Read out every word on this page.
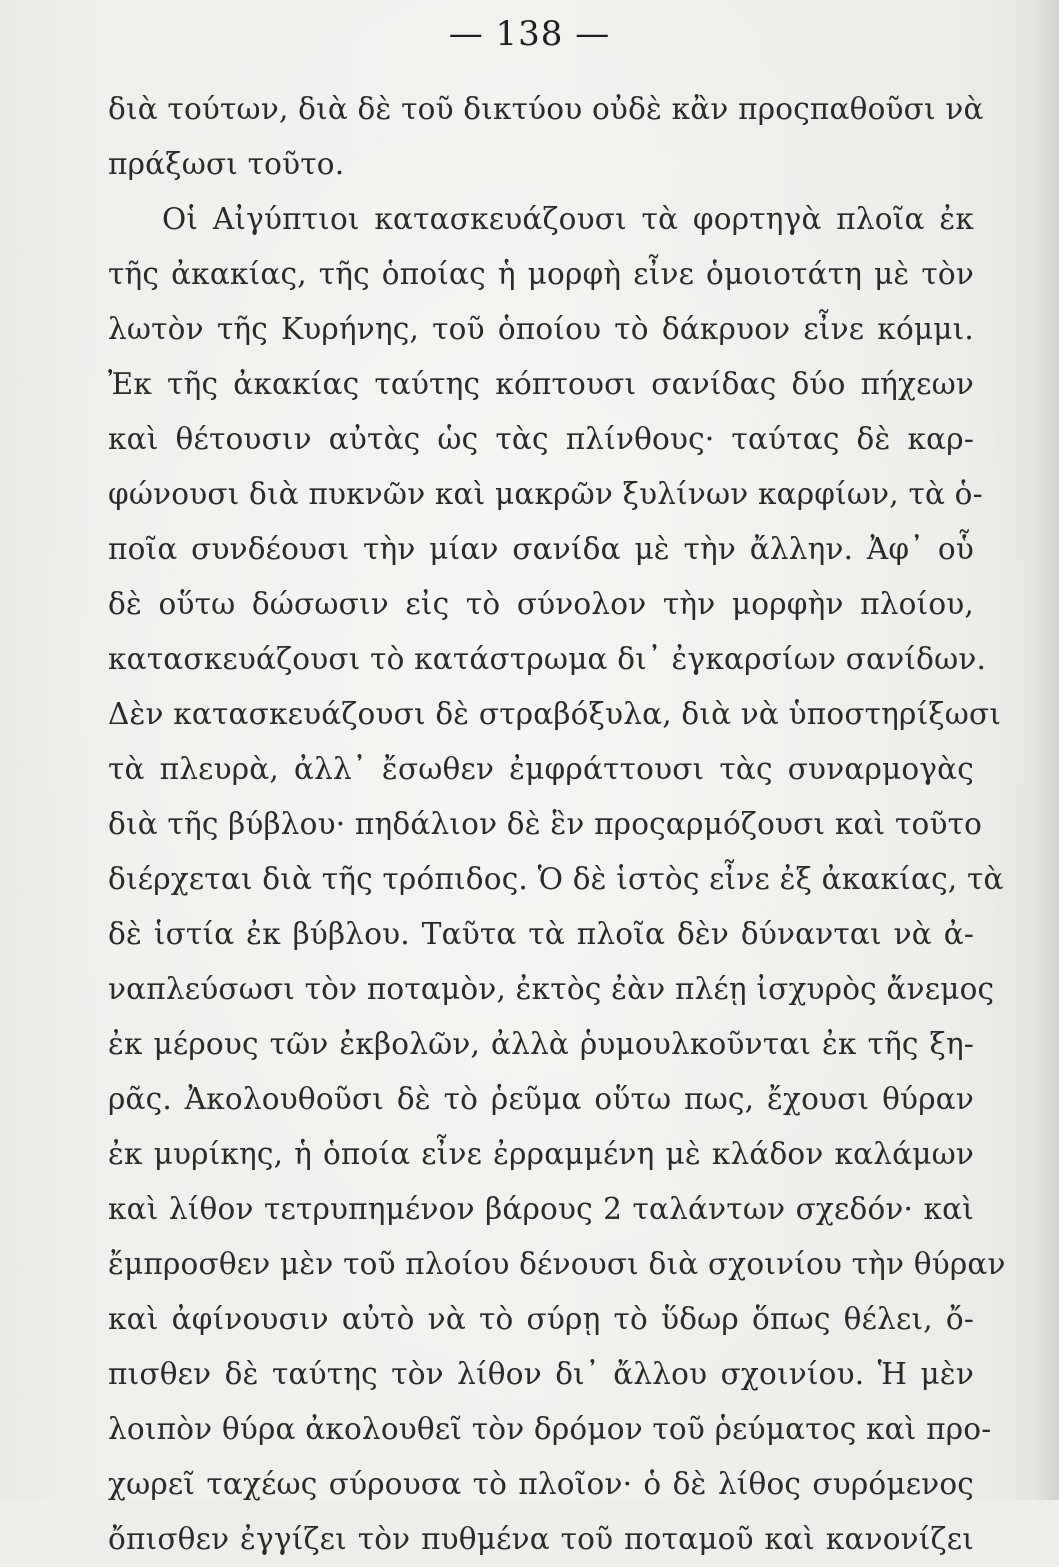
— 138 —
διὰ τούτων, διὰ δὲ τοῦ δικτύου οὐδὲ κἂν προςπαθοῦσι νὰ
πράξωσι τοῦτο.
Οἱ Αἰγύπτιοι κατασκευάζουσι τὰ φορτηγὰ πλοῖα ἐκ
τῆς ἀκακίας, τῆς ὁποίας ἡ μορφὴ εἶνε ὁμοιοτάτη μὲ τὸν
λωτὸν τῆς Κυρήνης, τοῦ ὁποίου τὸ δάκρυον εἶνε κόμμι.
Ἐκ τῆς ἀκακίας ταύτης κόπτουσι σανίδας δύο πήχεων
καὶ θέτουσιν αὐτὰς ὡς τὰς πλίνθους· ταύτας δὲ καρ-
φώνουσι διὰ πυκνῶν καὶ μακρῶν ξυλίνων καρφίων, τὰ ὁ-
ποῖα συνδέουσι τὴν μίαν σανίδα μὲ τὴν ἄλλην. Ἀφ᾽ οὗ
δὲ οὕτω δώσωσιν εἰς τὸ σύνολον τὴν μορφὴν πλοίου,
κατασκευάζουσι τὸ κατάστρωμα δι᾽ ἐγκαρσίων σανίδων.
Δὲν κατασκευάζουσι δὲ στραβόξυλα, διὰ νὰ ὑποστηρίξωσι
τὰ πλευρὰ, ἀλλ᾽ ἔσωθεν ἐμφράττουσι τὰς συναρμογὰς
διὰ τῆς βύβλου· πηδάλιον δὲ ἓν προςαρμόζουσι καὶ τοῦτο
διέρχεται διὰ τῆς τρόπιδος. Ὁ δὲ ἱστὸς εἶνε ἐξ ἀκακίας, τὰ
δὲ ἱστία ἐκ βύβλου. Ταῦτα τὰ πλοῖα δὲν δύνανται νὰ ἀ-
ναπλεύσωσι τὸν ποταμὸν, ἐκτὸς ἐὰν πλέῃ ἰσχυρὸς ἄνεμος
ἐκ μέρους τῶν ἐκβολῶν, ἀλλὰ ῥυμουλκοῦνται ἐκ τῆς ξη-
ρᾶς. Ἀκολουθοῦσι δὲ τὸ ῥεῦμα οὕτω πως, ἔχουσι θύραν
ἐκ μυρίκης, ἡ ὁποία εἶνε ἐρραμμένη μὲ κλάδον καλάμων
καὶ λίθον τετρυπημένον βάρους 2 ταλάντων σχεδόν· καὶ
ἔμπροσθεν μὲν τοῦ πλοίου δένουσι διὰ σχοινίου τὴν θύραν
καὶ ἀφίνουσιν αὐτὸ νὰ τὸ σύρῃ τὸ ὕδωρ ὅπως θέλει, ὄ-
πισθεν δὲ ταύτης τὸν λίθον δι᾽ ἄλλου σχοινίου. Ἡ μὲν
λοιπὸν θύρα ἀκολουθεῖ τὸν δρόμον τοῦ ῥεύματος καὶ προ-
χωρεῖ ταχέως σύρουσα τὸ πλοῖον· ὁ δὲ λίθος συρόμενος
ὄπισθεν ἐγγίζει τὸν πυθμένα τοῦ ποταμοῦ καὶ κανονίζει
